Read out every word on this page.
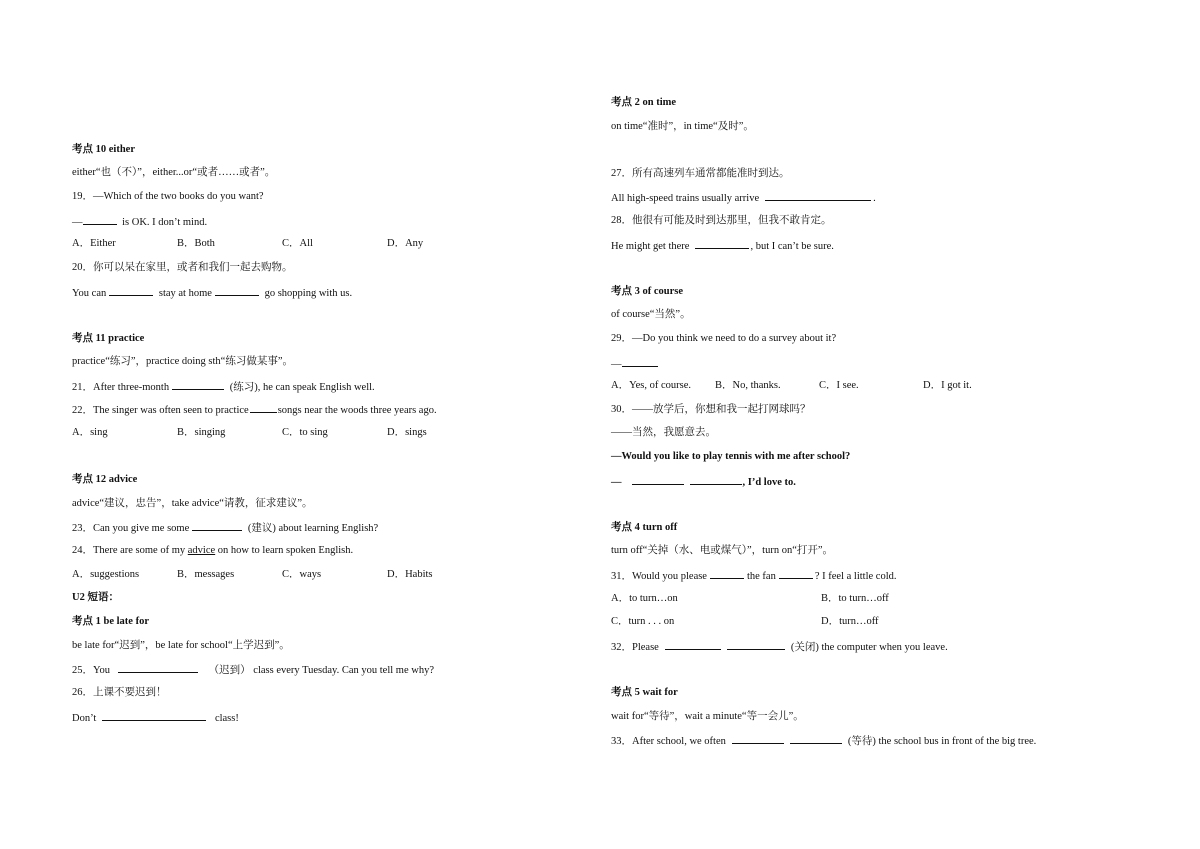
考点 10 either
either“也（不）”，either...or“或者……或者”。
19．—Which of the two books do you want?
—	is OK. I don’t mind.
A．Either	B．Both	C．All	D．Any
20．你可以呆在家里，或者和我们一起去购物。
You can	stay at home	go shopping with us.
考点 11 practice
practice“练习”，practice doing sth“练习做某事”。
21．After three-month	(练习), he can speak English well.
22．The singer was often seen to practice	songs near the woods three years ago.
A．sing	B．singing	C．to sing	D．sings
考点 12 advice
advice“建议，忠告”，take advice“请教，征求建议”。
23．Can you give me some	(建议) about learning English?
24．There are some of my advice on how to learn spoken English.
A．suggestions	B．messages	C．ways	D．Habits
U2 短语：
考点 1 be late for
be late for“迟到”，be late for school“上学迟到”。
25．You	（迟到） class every Tuesday. Can you tell me why?
26．上课不要迟到！
Don’t	class!
考点 2 on time
on time“准时”，in time“及时”。
27．所有高速列车通常都能准时到达。
All high-speed trains usually arrive	.
28．他很有可能及时到达那里，但我不敢肯定。
He might get there	, but I can’t be sure.
考点 3 of course
of course“当然”。
29．—Do you think we need to do a survey about it?
—
A．Yes, of course.	B．No, thanks.	C．I see.	D．I got it.
30．——放学后，你想和我一起打网球吗？
——当然，我愿意去。
—Would you like to play tennis with me after school?
—	, I’d love to.
考点 4 turn off
turn off“关掉（水、电或煤气）”，turn on“打开”。
31．Would you please	the fan	? I feel a little cold.
A．to turn…on	B．to turn…off
C．turn . . . on	D．turn…off
32．Please	(关闭) the computer when you leave.
考点 5 wait for
wait for“等待”，wait a minute“等一会儿”。
33．After school, we often	(等待) the school bus in front of the big tree.
